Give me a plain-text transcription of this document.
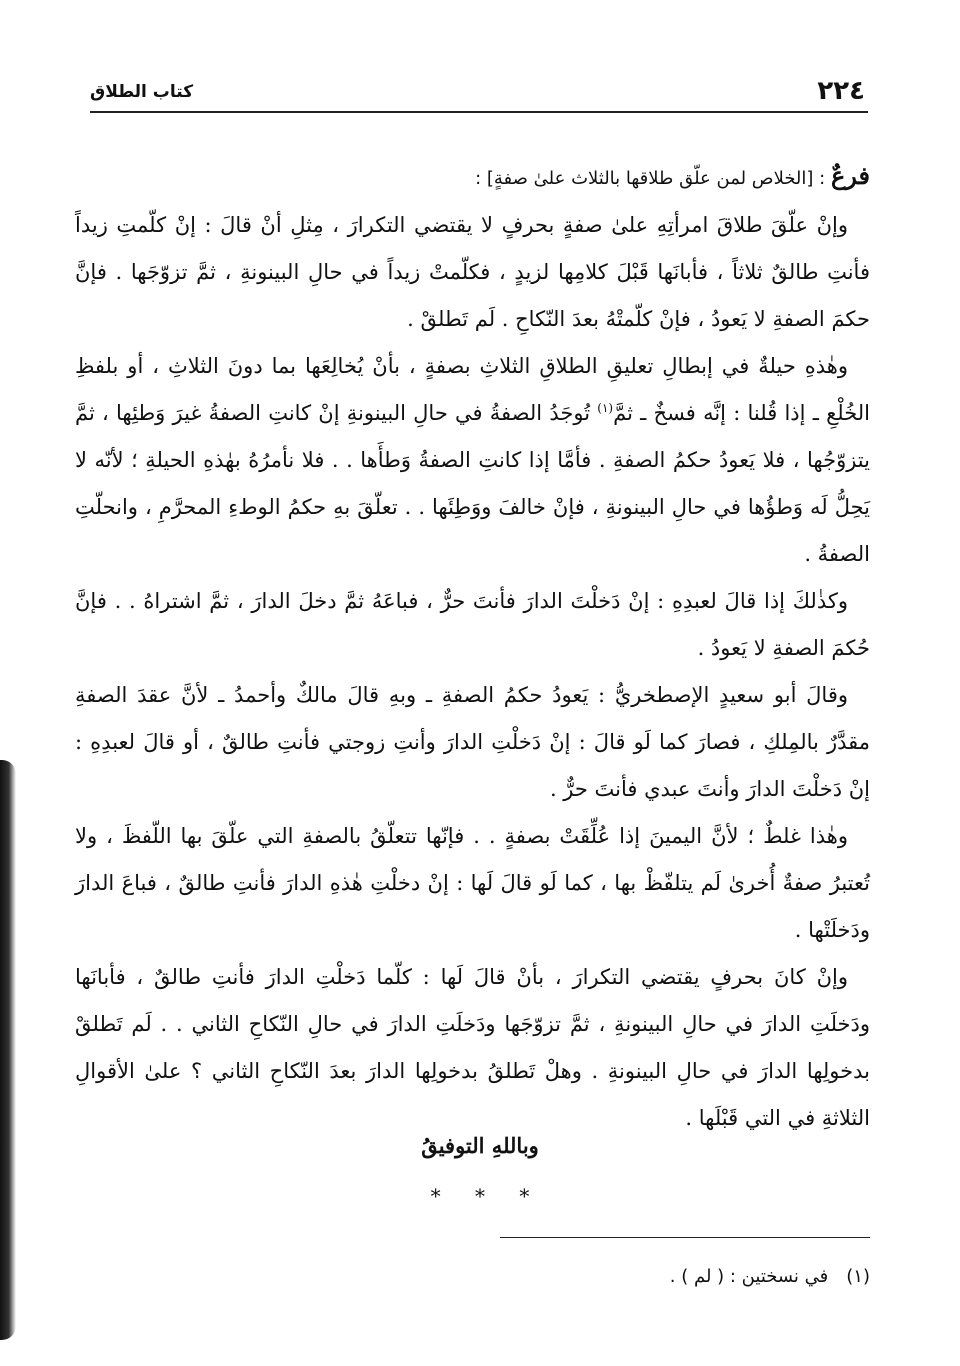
٢٢٤
كتاب الطلاق

فرعٌ : [الخلاص لمن علّق طلاقها بالثلاث علىٰ صفةٍ] :

وإنْ علّقَ طلاقَ امرأتِهِ علىٰ صفةٍ بحرفٍ لا يقتضي التكرارَ ، مِثلِ أنْ قالَ : إنْ كلّمتِ زيداً فأنتِ طالقٌ ثلاثاً ، فأبانَها قَبْلَ كلامِها لزيدٍ ، فكلّمتْ زيداً في حالِ البينونةِ ، ثمَّ تزوّجَها . فإنَّ حكمَ الصفةِ لا يَعودُ ، فإنْ كلّمتْهُ بعدَ النّكاحِ . لَم تَطلقْ .

وهٰذهِ حيلةٌ في إبطالِ تعليقِ الطلاقِ الثلاثِ بصفةٍ ، بأنْ يُخالِعَها بما دونَ الثلاثِ ، أو بلفظِ الخُلْعِ ـ إذا قُلنا : إنَّه فسخٌ ـ ثمَّ$^{(١)}$ تُوجَدُ الصفةُ في حالِ البينونةِ إنْ كانتِ الصفةُ غيرَ وَطئِها ، ثمَّ يتزوّجُها ، فلا يَعودُ حكمُ الصفةِ . فأمَّا إذا كانتِ الصفةُ وَطأَها . . فلا نأمرُهُ بهٰذهِ الحيلةِ ؛ لأنّه لا يَحِلُّ لَه وَطؤُها في حالِ البينونةِ ، فإنْ خالفَ ووَطِئَها . . تعلّقَ بهِ حكمُ الوطءِ المحرَّمِ ، وانحلّتِ الصفةُ .

وكذٰلكَ إذا قالَ لعبدِهِ : إنْ دَخلْتَ الدارَ فأنتَ حرٌّ ، فباعَهُ ثمَّ دخلَ الدارَ ، ثمَّ اشتراهُ . . فإنَّ حُكمَ الصفةِ لا يَعودُ .

وقالَ أبو سعيدٍ الإصطخريُّ : يَعودُ حكمُ الصفةِ ـ وبهِ قالَ مالكٌ وأحمدُ ـ لأنَّ عقدَ الصفةِ مقدَّرٌ بالمِلكِ ، فصارَ كما لَو قالَ : إنْ دَخلْتِ الدارَ وأنتِ زوجتي فأنتِ طالقٌ ، أو قالَ لعبدِهِ : إنْ دَخلْتَ الدارَ وأنتَ عبدي فأنتَ حرٌّ .

وهٰذا غلطٌ ؛ لأنَّ اليمينَ إذا عُلِّقَتْ بصفةٍ . . فإنّها تتعلّقُ بالصفةِ التي علّقَ بها اللّفظَ ، ولا تُعتبرُ صفةٌ أُخرىٰ لَم يتلفّظْ بها ، كما لَو قالَ لَها : إنْ دخلْتِ هٰذهِ الدارَ فأنتِ طالقٌ ، فباعَ الدارَ ودَخلَتْها .

وإنْ كانَ بحرفٍ يقتضي التكرارَ ، بأنْ قالَ لَها : كلّما دَخلْتِ الدارَ فأنتِ طالقٌ ، فأبانَها ودَخلَتِ الدارَ في حالِ البينونةِ ، ثمَّ تزوّجَها ودَخلَتِ الدارَ في حالِ النّكاحِ الثاني . . لَم تَطلقْ بدخولِها الدارَ في حالِ البينونةِ . وهلْ تَطلقُ بدخولِها الدارَ بعدَ النّكاحِ الثاني ؟ علىٰ الأقوالِ الثلاثةِ في التي قَبْلَها .

وباللهِ التوفيقُ
* * *
(١)في نسختين : ( لم ) .
